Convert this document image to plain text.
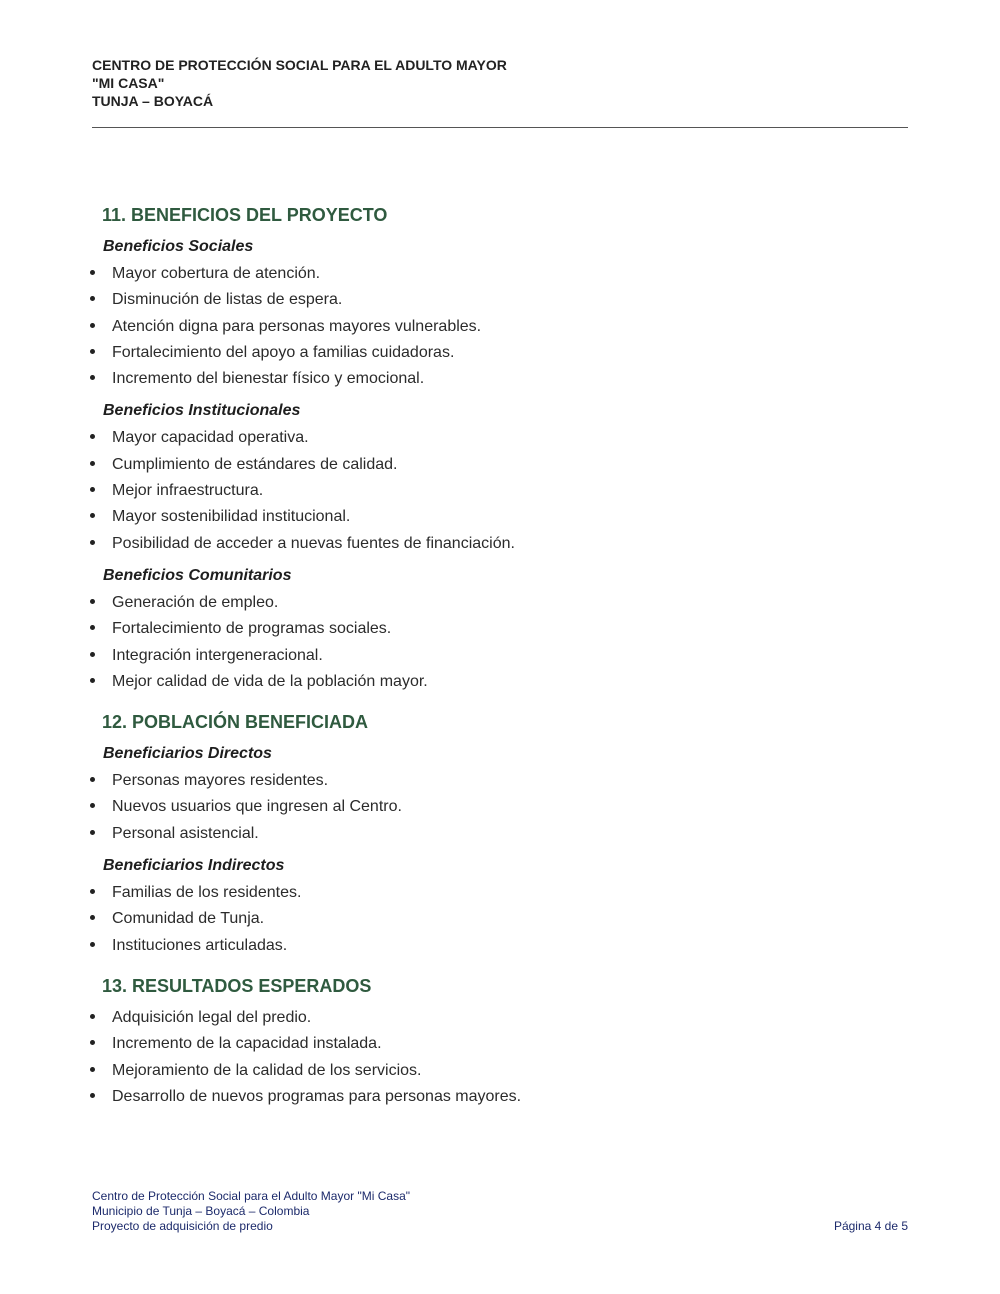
CENTRO DE PROTECCIÓN SOCIAL PARA EL ADULTO MAYOR
"MI CASA"
TUNJA – BOYACÁ
11. BENEFICIOS DEL PROYECTO
Beneficios Sociales
Mayor cobertura de atención.
Disminución de listas de espera.
Atención digna para personas mayores vulnerables.
Fortalecimiento del apoyo a familias cuidadoras.
Incremento del bienestar físico y emocional.
Beneficios Institucionales
Mayor capacidad operativa.
Cumplimiento de estándares de calidad.
Mejor infraestructura.
Mayor sostenibilidad institucional.
Posibilidad de acceder a nuevas fuentes de financiación.
Beneficios Comunitarios
Generación de empleo.
Fortalecimiento de programas sociales.
Integración intergeneracional.
Mejor calidad de vida de la población mayor.
12. POBLACIÓN BENEFICIADA
Beneficiarios Directos
Personas mayores residentes.
Nuevos usuarios que ingresen al Centro.
Personal asistencial.
Beneficiarios Indirectos
Familias de los residentes.
Comunidad de Tunja.
Instituciones articuladas.
13. RESULTADOS ESPERADOS
Adquisición legal del predio.
Incremento de la capacidad instalada.
Mejoramiento de la calidad de los servicios.
Desarrollo de nuevos programas para personas mayores.
Centro de Protección Social para el Adulto Mayor "Mi Casa"
Municipio de Tunja – Boyacá – Colombia
Proyecto de adquisición de predio	Página 4 de 5
